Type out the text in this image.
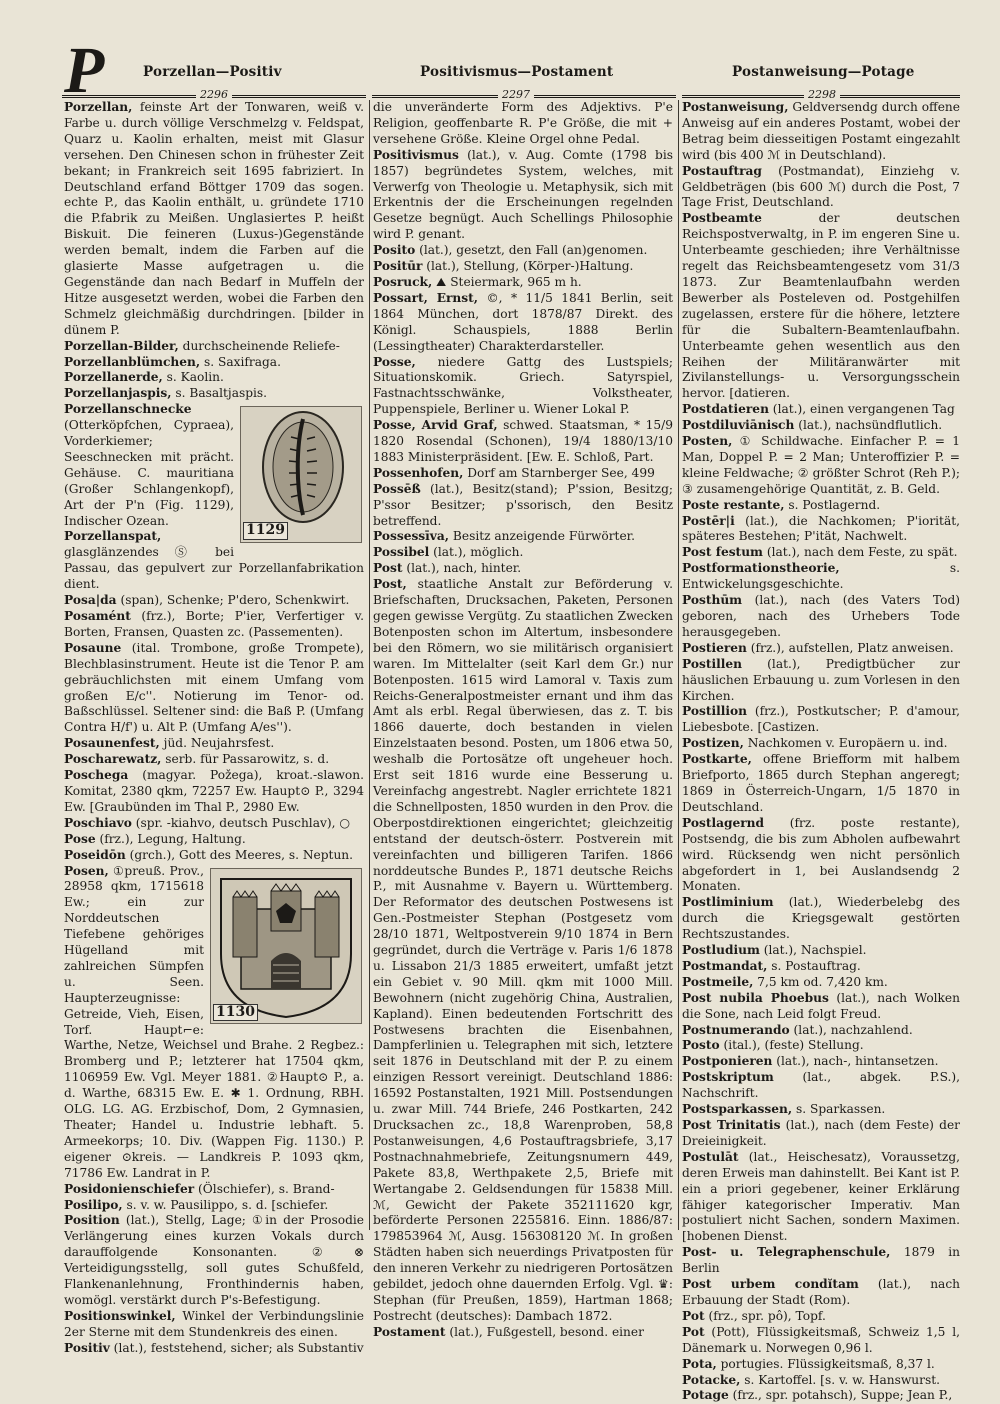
P	Porzellan—Positiv	Positivismus—Postament	Postanweisung—Potage
2296	2297	2298

Porzellan, feinste Art der Tonwaren, weiß v. Farbe u. durch völlige Verschmelzg v. Feldspat, Quarz u. Kaolin erhalten, meist mit Glasur versehen. Den Chinesen schon in frühester Zeit bekant; in Frankreich seit 1695 fabriziert. In Deutschland erfand Böttger 1709 das sogen. echte P., das Kaolin enthält, u. gründete 1710 die P.fabrik zu Meißen. Unglasiertes P. heißt Biskuit. Die feineren (Luxus-)Gegenstände werden bemalt, indem die Farben auf die glasierte Masse aufgetragen u. die Gegenstände dan nach Bedarf in Muffeln der Hitze ausgesetzt werden, wobei die Farben den Schmelz gleichmäßig durchdringen. [bilder in dünem P.

Porzellan-Bilder, durchscheinende Reliefe-

Porzellanblümchen, s. Saxifraga.

Porzellanerde, s. Kaolin.

Porzellanjaspis, s. Basaltjaspis.

1129
Porzellanschnecke (Otterköpfchen, Cypraea), Vorderkiemer; Seeschnecken mit prächt. Gehäuse. C. mauritiana (Großer Schlangenkopf), Art der P'n (Fig. 1129), Indischer Ozean.

Porzellanspat, glasglänzendes Ⓢ bei Passau, das gepulvert zur Porzellanfabrikation dient.

Posa|da (span), Schenke; P'dero, Schenkwirt.

Posamént (frz.), Borte; P'ier, Verfertiger v. Borten, Fransen, Quasten zc. (Passementen).

Posaune (ital. Trombone, große Trompete), Blechblasinstrument. Heute ist die Tenor P. am gebräuchlichsten mit einem Umfang vom großen E/c''. Notierung im Tenor- od. Baßschlüssel. Seltener sind: die Baß P. (Umfang Contra H/f') u. Alt P. (Umfang A/es'').

Posaunenfest, jüd. Neujahrsfest.

Poscharewatz, serb. für Passarowitz, s. d.

Poschega (magyar. Požega), kroat.-slawon. Komitat, 2380 qkm, 72257 Ew. Haupt⊙ P., 3294 Ew. [Graubünden im Thal P., 2980 Ew.

Poschiavo (spr. -kiahvo, deutsch Puschlav), ○

Pose (frz.), Legung, Haltung.

Poseidōn (grch.), Gott des Meeres, s. Neptun.

1130
Posen, ①preuß. Prov., 28958 qkm, 1715618 Ew.; ein zur Norddeutschen Tiefebene gehöriges Hügelland mit zahlreichen Sümpfen u. Seen. Haupterzeugnisse: Getreide, Vieh, Eisen, Torf. Haupt⌐e: Warthe, Netze, Weichsel und Brahe. 2 Regbez.: Bromberg und P.; letzterer hat 17504 qkm, 1106959 Ew. Vgl. Meyer 1881. ②Haupt⊙ P., a. d. Warthe, 68315 Ew. E. ✱ 1. Ordnung, RBH. OLG. LG. AG. Erzbischof, Dom, 2 Gymnasien, Theater; Handel u. Industrie lebhaft. 5. Armeekorps; 10. Div. (Wappen Fig. 1130.) P. eigener ⊙kreis. — Landkreis P. 1093 qkm, 71786 Ew. Landrat in P.

Posidonienschiefer (Ölschiefer), s. Brand-

Posilipo, s. v. w. Pausilippo, s. d. [schiefer.

Position (lat.), Stellg, Lage; ①in der Prosodie Verlängerung eines kurzen Vokals durch darauffolgende Konsonanten. ②⊗ Verteidigungsstellg, soll gutes Schußfeld, Flankenanlehnung, Fronthindernis haben, womögl. verstärkt durch P's-Befestigung.

Positionswinkel, Winkel der Verbindungslinie 2er Sterne mit dem Stundenkreis des einen.

Positiv (lat.), feststehend, sicher; als Substantiv

die unveränderte Form des Adjektivs. P'e Religion, geoffenbarte R. P'e Größe, die mit + versehene Größe. Kleine Orgel ohne Pedal.

Positivismus (lat.), v. Aug. Comte (1798 bis 1857) begründetes System, welches, mit Verwerfg von Theologie u. Metaphysik, sich mit Erkentnis der die Erscheinungen regelnden Gesetze begnügt. Auch Schellings Philosophie wird P. genant.

Posito (lat.), gesetzt, den Fall (an)genomen.

Positūr (lat.), Stellung, (Körper-)Haltung.

Posruck, ⛰ Steiermark, 965 m h.

Possart, Ernst, ©, * 11/5 1841 Berlin, seit 1864 München, dort 1878/87 Direkt. des Königl. Schauspiels, 1888 Berlin (Lessingtheater) Charakterdarsteller.

Posse, niedere Gattg des Lustspiels; Situationskomik. Griech. Satyrspiel, Fastnachtsschwänke, Volkstheater, Puppenspiele, Berliner u. Wiener Lokal P.

Posse, Arvid Graf, schwed. Staatsman, * 15/9 1820 Rosendal (Schonen), 19/4 1880/13/10 1883 Ministerpräsident. [Ew. E. Schloß, Part.

Possenhofen, Dorf am Starnberger See, 499

Possēß (lat.), Besitz(stand); P'ssion, Besitzg; P'ssor Besitzer; p'ssorisch, den Besitz betreffend.

Possessīva, Besitz anzeigende Fürwörter.

Possibel (lat.), möglich.

Post (lat.), nach, hinter.

Post, staatliche Anstalt zur Beförderung v. Briefschaften, Drucksachen, Paketen, Personen gegen gewisse Vergütg. Zu staatlichen Zwecken Botenposten schon im Altertum, insbesondere bei den Römern, wo sie militärisch organisiert waren. Im Mittelalter (seit Karl dem Gr.) nur Botenposten. 1615 wird Lamoral v. Taxis zum Reichs-Generalpostmeister ernant und ihm das Amt als erbl. Regal überwiesen, das z. T. bis 1866 dauerte, doch bestanden in vielen Einzelstaaten besond. Posten, um 1806 etwa 50, weshalb die Portosätze oft ungeheuer hoch. Erst seit 1816 wurde eine Besserung u. Vereinfachg angestrebt. Nagler errichtete 1821 die Schnellposten, 1850 wurden in den Prov. die Oberpostdirektionen eingerichtet; gleichzeitig entstand der deutsch-österr. Postverein mit vereinfachten und billigeren Tarifen. 1866 norddeutsche Bundes P., 1871 deutsche Reichs P., mit Ausnahme v. Bayern u. Württemberg. Der Reformator des deutschen Postwesens ist Gen.-Postmeister Stephan (Postgesetz vom 28/10 1871, Weltpostverein 9/10 1874 in Bern gegründet, durch die Verträge v. Paris 1/6 1878 u. Lissabon 21/3 1885 erweitert, umfaßt jetzt ein Gebiet v. 90 Mill. qkm mit 1000 Mill. Bewohnern (nicht zugehörig China, Australien, Kapland). Einen bedeutenden Fortschritt des Postwesens brachten die Eisenbahnen, Dampferlinien u. Telegraphen mit sich, letztere seit 1876 in Deutschland mit der P. zu einem einzigen Ressort vereinigt. Deutschland 1886: 16592 Postanstalten, 1921 Mill. Postsendungen u. zwar Mill. 744 Briefe, 246 Postkarten, 242 Drucksachen zc., 18,8 Warenproben, 58,8 Postanweisungen, 4,6 Postauftragsbriefe, 3,17 Postnachnahmebriefe, Zeitungsnumern 449, Pakete 83,8, Werthpakete 2,5, Briefe mit Wertangabe 2. Geldsendungen für 15838 Mill. ℳ, Gewicht der Pakete 352111620 kgr, beförderte Personen 2255816. Einn. 1886/87: 179853964 ℳ, Ausg. 156308120 ℳ. In großen Städten haben sich neuerdings Privatposten für den inneren Verkehr zu niedrigeren Portosätzen gebildet, jedoch ohne dauernden Erfolg. Vgl. ♛: Stephan (für Preußen, 1859), Hartman 1868; Postrecht (deutsches): Dambach 1872.

Postament (lat.), Fußgestell, besond. einer

Postanweisung, Geldversendg durch offene Anweisg auf ein anderes Postamt, wobei der Betrag beim diesseitigen Postamt eingezahlt wird (bis 400 ℳ in Deutschland).

Postauftrag (Postmandat), Einziehg v. Geldbeträgen (bis 600 ℳ) durch die Post, 7 Tage Frist, Deutschland.

Postbeamte der deutschen Reichspostverwaltg, in P. im engeren Sine u. Unterbeamte geschieden; ihre Verhältnisse regelt das Reichsbeamtengesetz vom 31/3 1873. Zur Beamtenlaufbahn werden Bewerber als Posteleven od. Postgehilfen zugelassen, erstere für die höhere, letztere für die Subaltern-Beamtenlaufbahn. Unterbeamte gehen wesentlich aus den Reihen der Militäranwärter mit Zivilanstellungs- u. Versorgungsschein hervor. [datieren.

Postdatieren (lat.), einen vergangenen Tag

Postdiluviānisch (lat.), nachsündflutlich.

Posten, ① Schildwache. Einfacher P. = 1 Man, Doppel P. = 2 Man; Unteroffizier P. = kleine Feldwache; ② größter Schrot (Reh P.); ③ zusamengehörige Quantität, z. B. Geld.

Poste restante, s. Postlagernd.

Postēr|i (lat.), die Nachkomen; P'iorität, späteres Bestehen; P'ität, Nachwelt.

Post festum (lat.), nach dem Feste, zu spät.

Postformationstheorie, s. Entwickelungsgeschichte.

Posthūm (lat.), nach (des Vaters Tod) geboren, nach des Urhebers Tode herausgegeben.

Postieren (frz.), aufstellen, Platz anweisen.

Postillen (lat.), Predigtbücher zur häuslichen Erbauung u. zum Vorlesen in den Kirchen.

Postillion (frz.), Postkutscher; P. d'amour, Liebesbote. [Castizen.

Postizen, Nachkomen v. Europäern u. ind.

Postkarte, offene Briefform mit halbem Briefporto, 1865 durch Stephan angeregt; 1869 in Österreich-Ungarn, 1/5 1870 in Deutschland.

Postlagernd (frz. poste restante), Postsendg, die bis zum Abholen aufbewahrt wird. Rücksendg wen nicht persönlich abgefordert in 1, bei Auslandsendg 2 Monaten.

Postliminium (lat.), Wiederbelebg des durch die Kriegsgewalt gestörten Rechtszustandes.

Postludium (lat.), Nachspiel.

Postmandat, s. Postauftrag.

Postmeile, 7,5 km od. 7,420 km.

Post nubila Phoebus (lat.), nach Wolken die Sone, nach Leid folgt Freud.

Postnumerando (lat.), nachzahlend.

Posto (ital.), (feste) Stellung.

Postponieren (lat.), nach-, hintansetzen.

Postskriptum (lat., abgek. P.S.), Nachschrift.

Postsparkassen, s. Sparkassen.

Post Trinitatis (lat.), nach (dem Feste) der Dreieinigkeit.

Postulāt (lat., Heischesatz), Voraussetzg, deren Erweis man dahinstellt. Bei Kant ist P. ein a priori gegebener, keiner Erklärung fähiger kategorischer Imperativ. Man postuliert nicht Sachen, sondern Maximen. [hobenen Dienst.

Post- u. Telegraphenschule, 1879 in Berlin

Post urbem condĭtam (lat.), nach Erbauung der Stadt (Rom).

Pot (frz., spr. pô), Topf.

Pot (Pott), Flüssigkeitsmaß, Schweiz 1,5 l, Dänemark u. Norwegen 0,96 l.

Pota, portugies. Flüssigkeitsmaß, 8,37 l.

Potacke, s. Kartoffel. [s. v. w. Hanswurst.

Potage (frz., spr. potahsch), Suppe; Jean P.,
